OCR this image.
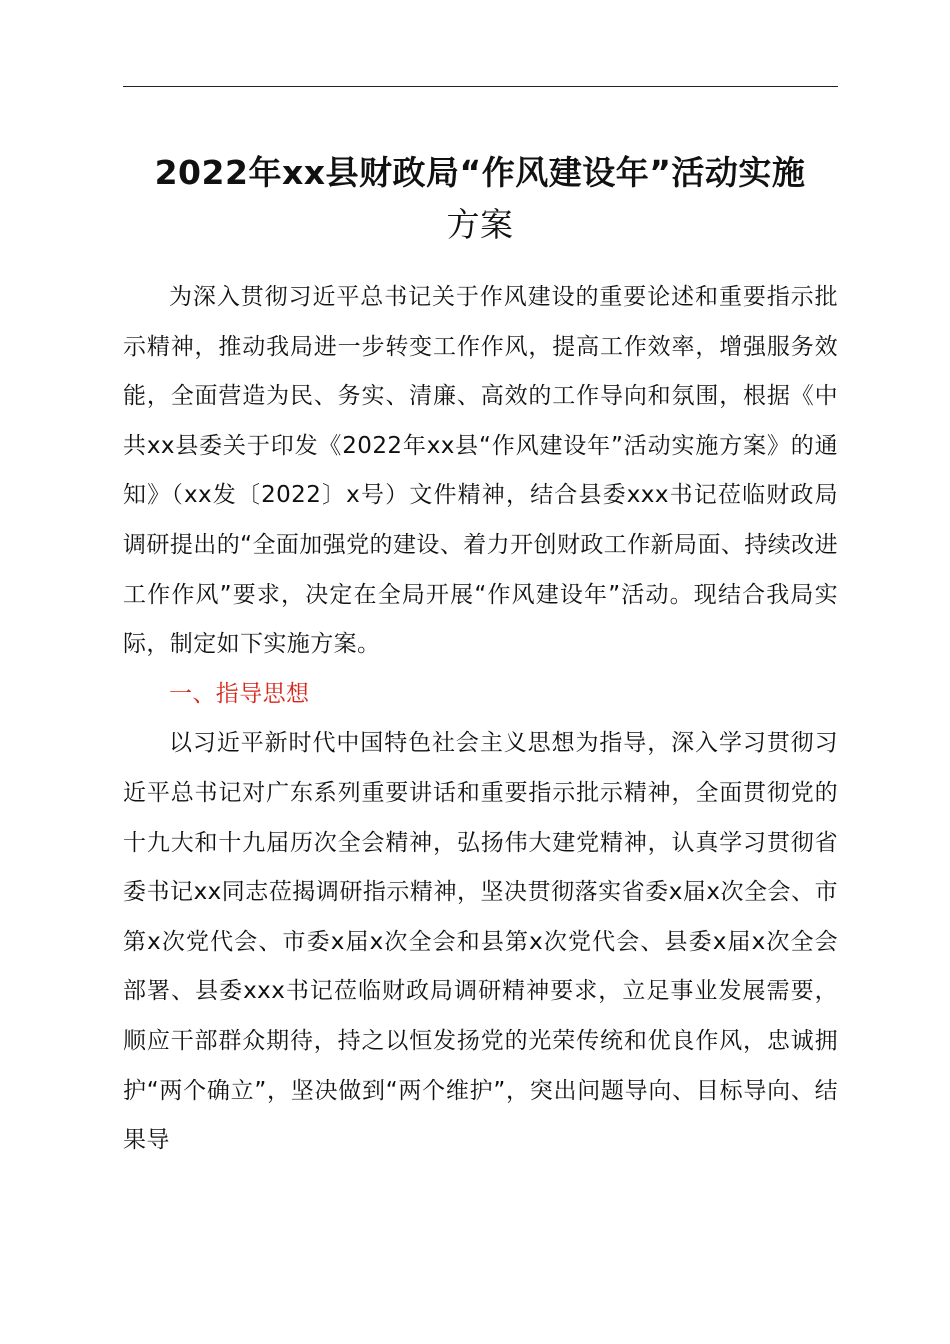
2022年xx县财政局“作风建设年”活动实施
方案

为深入贯彻习近平总书记关于作风建设的重要论述和重要指示批示精神，推动我局进一步转变工作作风，提高工作效率，增强服务效能，全面营造为民、务实、清廉、高效的工作导向和氛围，根据《中共xx县委关于印发《2022年xx县“作风建设年”活动实施方案》的通知》（xx发〔2022〕x号）文件精神，结合县委xxx书记莅临财政局调研提出的“全面加强党的建设、着力开创财政工作新局面、持续改进工作作风”要求，决定在全局开展“作风建设年”活动。现结合我局实际，制定如下实施方案。

一、指导思想

以习近平新时代中国特色社会主义思想为指导，深入学习贯彻习近平总书记对广东系列重要讲话和重要指示批示精神，全面贯彻党的十九大和十九届历次全会精神，弘扬伟大建党精神，认真学习贯彻省委书记xx同志莅揭调研指示精神，坚决贯彻落实省委x届x次全会、市第x次党代会、市委x届x次全会和县第x次党代会、县委x届x次全会部署、县委xxx书记莅临财政局调研精神要求，立足事业发展需要，顺应干部群众期待，持之以恒发扬党的光荣传统和优良作风，忠诚拥护“两个确立”，坚决做到“两个维护”，突出问题导向、目标导向、结果导
